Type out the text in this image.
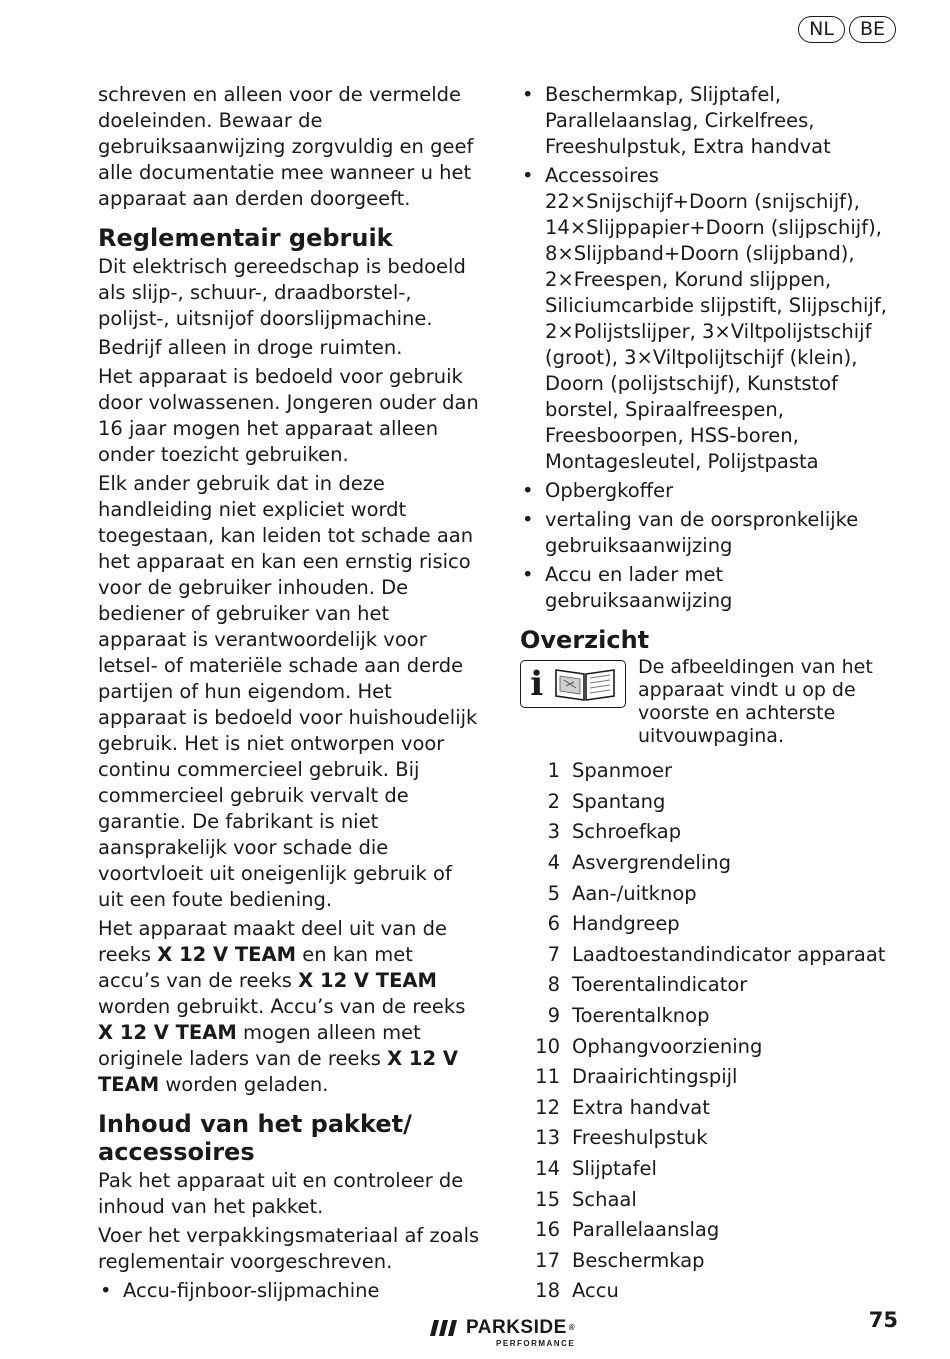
NL	BE

schreven en alleen voor de vermelde doeleinden. Bewaar de gebruiksaanwijzing zorgvuldig en geef alle documentatie mee wanneer u het apparaat aan derden doorgeeft.

Reglementair gebruik

Dit elektrisch gereedschap is bedoeld als slijp-, schuur-, draadborstel-, polijst-, uitsnijof doorslijpmachine.

Bedrijf alleen in droge ruimten.

Het apparaat is bedoeld voor gebruik door volwassenen. Jongeren ouder dan 16 jaar mogen het apparaat alleen onder toezicht gebruiken.

Elk ander gebruik dat in deze handleiding niet expliciet wordt toegestaan, kan leiden tot schade aan het apparaat en kan een ernstig risico voor de gebruiker inhouden. De bediener of gebruiker van het apparaat is verantwoordelijk voor letsel- of materiële schade aan derde partijen of hun eigendom. Het apparaat is bedoeld voor huishoudelijk gebruik. Het is niet ontworpen voor continu commercieel gebruik. Bij commercieel gebruik vervalt de garantie. De fabrikant is niet aansprakelijk voor schade die voortvloeit uit oneigenlijk gebruik of uit een foute bediening.

Het apparaat maakt deel uit van de reeks X 12 V TEAM en kan met accu’s van de reeks X 12 V TEAM worden gebruikt. Accu’s van de reeks X 12 V TEAM mogen alleen met originele laders van de reeks X 12 V TEAM worden geladen.

Inhoud van het pakket/ accessoires

Pak het apparaat uit en controleer de inhoud van het pakket.

Voer het verpakkingsmateriaal af zoals reglementair voorgeschreven.

• Accu-fijnboor-slijpmachine
• Beschermkap, Slijptafel, Parallelaanslag, Cirkelfrees, Freeshulpstuk, Extra handvat
• Accessoires
22×Snijschijf+Doorn (snijschijf), 14×Slijppapier+Doorn (slijpschijf), 8×Slijpband+Doorn (slijpband), 2×Freespen, Korund slijppen, Siliciumcarbide slijpstift, Slijpschijf, 2×Polijstslijper, 3×Viltpolijstschijf (groot), 3×Viltpolijtschijf (klein), Doorn (polijstschijf), Kunststof borstel, Spiraalfreespen, Freesboorpen, HSS-boren, Montagesleutel, Polijstpasta
• Opbergkoffer
• vertaling van de oorspronkelijke gebruiksaanwijzing
• Accu en lader met gebruiksaanwijzing
Overzicht
i	De afbeeldingen van het apparaat vindt u op de voorste en achterste uitvouwpagina.
1 Spanmoer
2 Spantang
3 Schroefkap
4 Asvergrendeling
5 Aan-/uitknop
6 Handgreep
7 Laadtoestandindicator apparaat
8 Toerentalindicator
9 Toerentalknop
10 Ophangvoorziening
11 Draairichtingspijl
12 Extra handvat
13 Freeshulpstuk
14 Slijptafel
15 Schaal
16 Parallelaanslag
17 Beschermkap
18 Accu
PARKSIDE ®
PERFORMANCE
75
